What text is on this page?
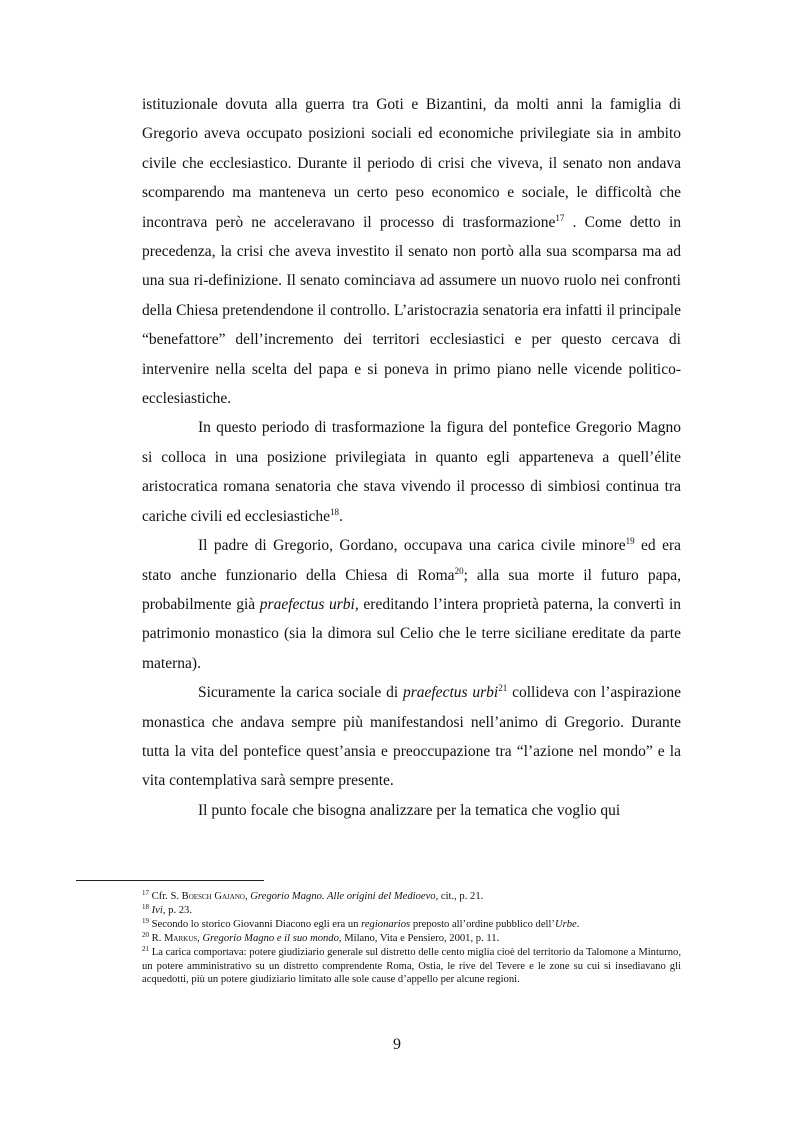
istituzionale dovuta alla guerra tra Goti e Bizantini, da molti anni la famiglia di Gregorio aveva occupato posizioni sociali ed economiche privilegiate sia in ambito civile che ecclesiastico. Durante il periodo di crisi che viveva, il senato non andava scomparendo ma manteneva un certo peso economico e sociale, le difficoltà che incontrava però ne acceleravano il processo di trasformazione$^{17}$ . Come detto in precedenza, la crisi che aveva investito il senato non portò alla sua scomparsa ma ad una sua ri-definizione. Il senato cominciava ad assumere un nuovo ruolo nei confronti della Chiesa pretendendone il controllo. L’aristocrazia senatoria era infatti il principale “benefattore” dell’incremento dei territori ecclesiastici e per questo cercava di intervenire nella scelta del papa e si poneva in primo piano nelle vicende politico-ecclesiastiche.

In questo periodo di trasformazione la figura del pontefice Gregorio Magno si colloca in una posizione privilegiata in quanto egli apparteneva a quell’élite aristocratica romana senatoria che stava vivendo il processo di simbiosi continua tra cariche civili ed ecclesiastiche$^{18}$.

Il padre di Gregorio, Gordano, occupava una carica civile minore$^{19}$ ed era stato anche funzionario della Chiesa di Roma$^{20}$; alla sua morte il futuro papa, probabilmente già praefectus urbi, ereditando l’intera proprietà paterna, la convertì in patrimonio monastico (sia la dimora sul Celio che le terre siciliane ereditate da parte materna).

Sicuramente la carica sociale di praefectus urbi$^{21}$ collideva con l’aspirazione monastica che andava sempre più manifestandosi nell’animo di Gregorio. Durante tutta la vita del pontefice quest’ansia e preoccupazione tra “l’azione nel mondo” e la vita contemplativa sarà sempre presente.

Il punto focale che bisogna analizzare per la tematica che voglio qui

$^{17}$ Cfr. S. Boesch Gajano, Gregorio Magno. Alle origini del Medioevo, cit., p. 21.
$^{18}$ Ivi, p. 23.
$^{19}$ Secondo lo storico Giovanni Diacono egli era un regionarios preposto all’ordine pubblico dell’Urbe.
$^{20}$ R. Markus, Gregorio Magno e il suo mondo, Milano, Vita e Pensiero, 2001, p. 11.
$^{21}$ La carica comportava: potere giudiziario generale sul distretto delle cento miglia cioè del territorio da Talomone a Minturno, un potere amministrativo su un distretto comprendente Roma, Ostia, le rive del Tevere e le zone su cui si insediavano gli acquedotti, più un potere giudiziario limitato alle sole cause d’appello per alcune regioni.
9
